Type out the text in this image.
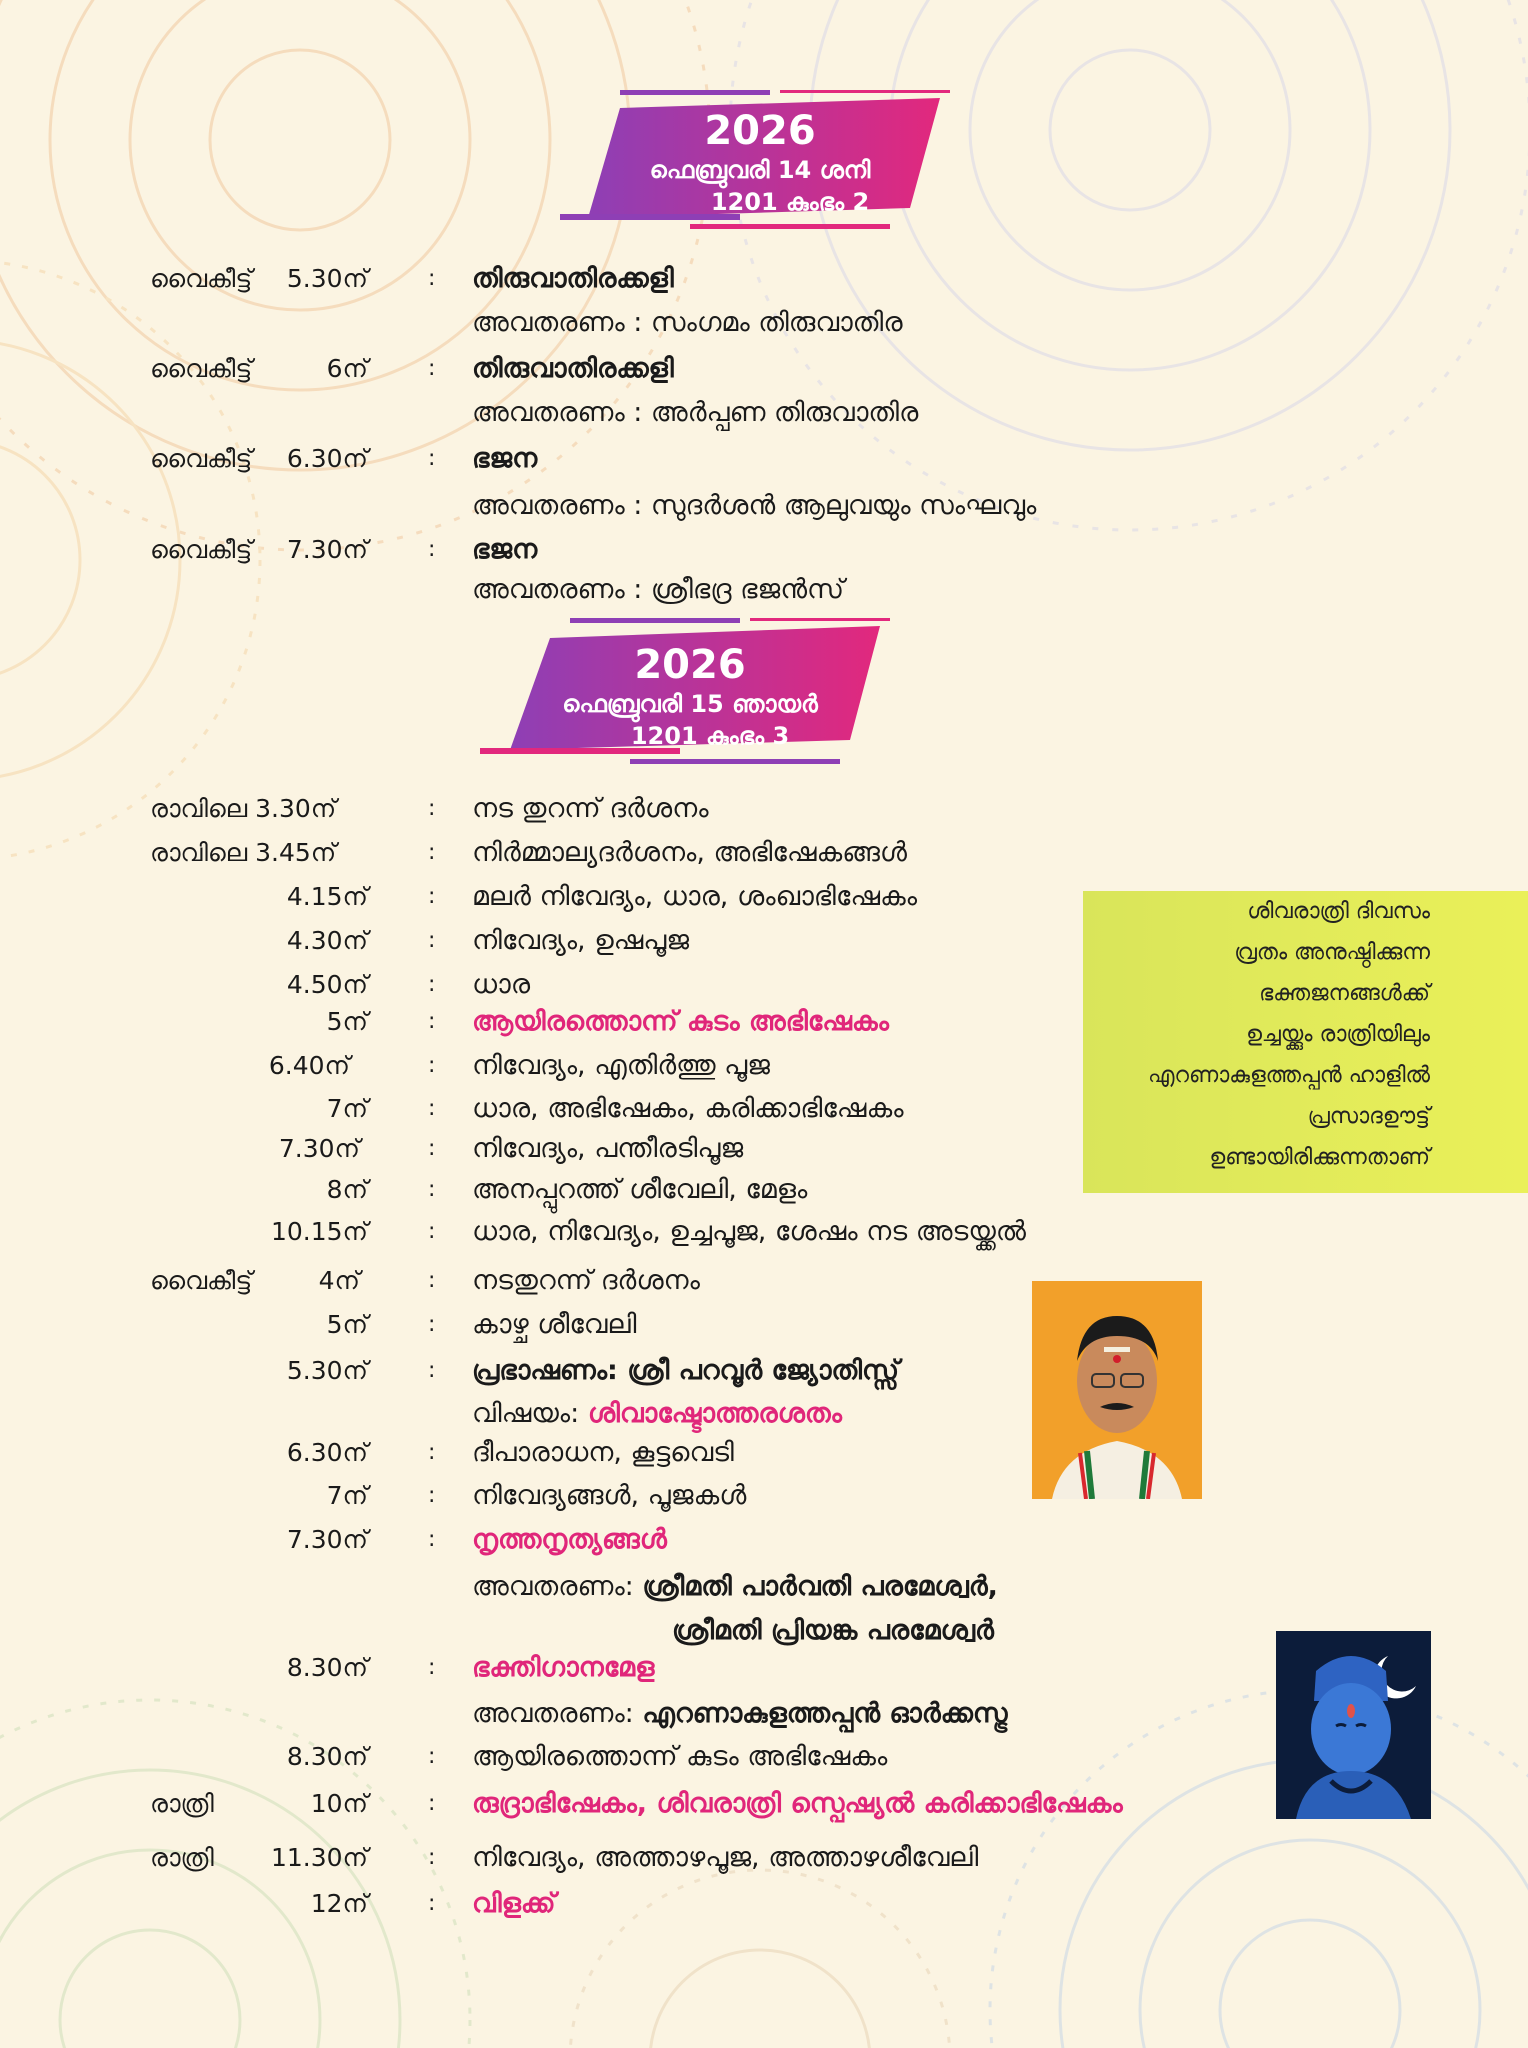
2026
ഫെബ്രുവരി 14 ശനി
1201 കുംഭം 2
വൈകീട്ട് 5.30ന്	: തിരുവാതിരക്കളി
അവതരണം : സംഗമം തിരുവാതിര
വൈകീട്ട്	6ന്	: തിരുവാതിരക്കളി
അവതരണം : അർപ്പണ തിരുവാതിര
വൈകീട്ട് 6.30ന്	: ഭജന
അവതരണം : സുദർശൻ ആലുവയും സംഘവും
വൈകീട്ട് 7.30ന്	: ഭജന
അവതരണം : ശ്രീഭദ്ര ഭജൻസ്
2026
ഫെബ്രുവരി 15 ഞായർ
1201 കുംഭം 3
രാവിലെ 3.30ന്	: നട തുറന്ന് ദർശനം
രാവിലെ 3.45ന്	: നിർമ്മാല്യദർശനം, അഭിഷേകങ്ങൾ
4.15ന്	: മലർ നിവേദ്യം, ധാര, ശംഖാഭിഷേകം
4.30ന്	: നിവേദ്യം, ഉഷപൂജ
4.50ന്	: ധാര
5ന്	: ആയിരത്തൊന്ന് കുടം അഭിഷേകം
6.40ന്	: നിവേദ്യം, എതിർത്തു പൂജ
7ന്	: ധാര, അഭിഷേകം, കരിക്കാഭിഷേകം
7.30ന്	: നിവേദ്യം, പന്തീരടിപൂജ
8ന്	: അനപ്പുറത്ത് ശീവേലി, മേളം
10.15ന്	: ധാര, നിവേദ്യം, ഉച്ചപൂജ, ശേഷം നട അടയ്ക്കൽ
വൈകീട്ട്	4ന്	: നടതുറന്ന് ദർശനം
5ന്	: കാഴ്ച ശീവേലി
5.30ന്	: പ്രഭാഷണം: ശ്രീ പറവൂർ ജ്യോതിസ്സ്
വിഷയം: ശിവാഷ്ടോത്തരശതം
6.30ന്	: ദീപാരാധന, കൂട്ടവെടി
7ന്	: നിവേദ്യങ്ങൾ, പൂജകൾ
7.30ന്	: നൃത്തനൃത്യങ്ങൾ
അവതരണം: ശ്രീമതി പാർവതി പരമേശ്വർ,
ശ്രീമതി പ്രിയങ്ക പരമേശ്വർ
8.30ന്	: ഭക്തിഗാനമേള
അവതരണം: എറണാകുളത്തപ്പൻ ഓർക്കസ്ട്ര
8.30ന്	: ആയിരത്തൊന്ന് കുടം അഭിഷേകം
രാത്രി	10ന്	: രുദ്രാഭിഷേകം, ശിവരാത്രി സ്പെഷ്യൽ കരിക്കാഭിഷേകം
രാത്രി 11.30ന്	: നിവേദ്യം, അത്താഴപൂജ, അത്താഴശീവേലി
12ന്	: വിളക്ക്
ശിവരാത്രി ദിവസം
വ്രതം അനുഷ്ഠിക്കുന്ന
ഭക്തജനങ്ങൾക്ക്
ഉച്ചയ്ക്കും രാത്രിയിലും
എറണാകുളത്തപ്പൻ ഹാളിൽ
പ്രസാദഊട്ട്
ഉണ്ടായിരിക്കുന്നതാണ്
